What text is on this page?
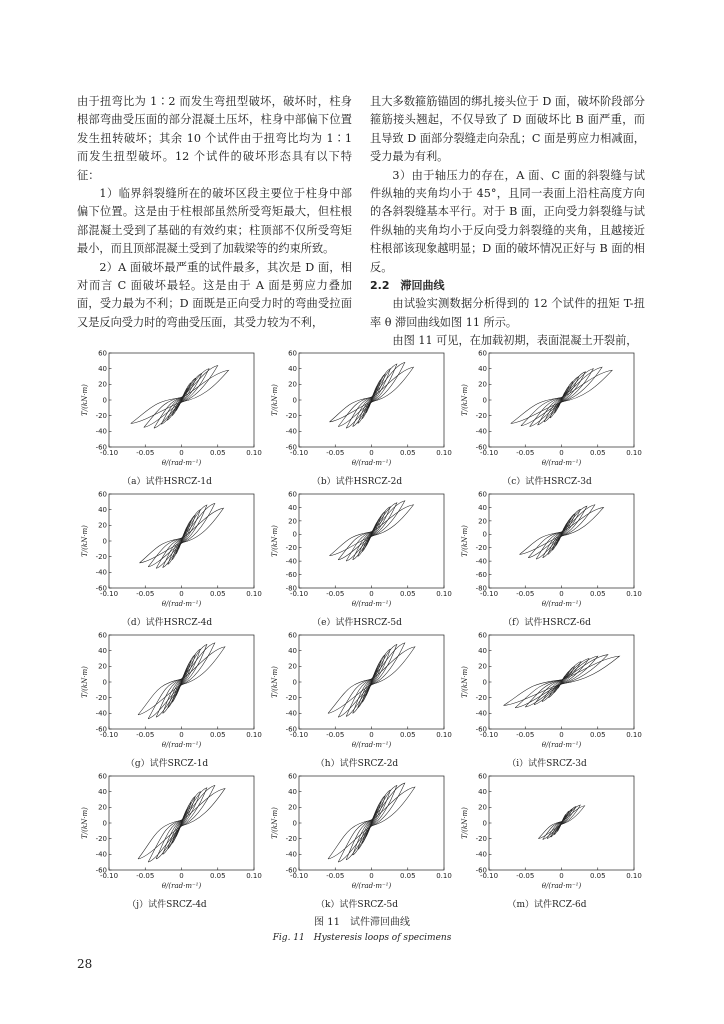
由于扭弯比为 1∶2 而发生弯扭型破坏，破坏时，柱身根部弯曲受压面的部分混凝土压坏，柱身中部偏下位置发生扭转破坏；其余 10 个试件由于扭弯比均为 1∶1 而发生扭型破坏。12 个试件的破坏形态具有以下特征：

1）临界斜裂缝所在的破坏区段主要位于柱身中部偏下位置。这是由于柱根部虽然所受弯矩最大，但柱根部混凝土受到了基础的有效约束；柱顶部不仅所受弯矩最小，而且顶部混凝土受到了加载梁等的约束所致。

2）A 面破坏最严重的试件最多，其次是 D 面，相对而言 C 面破坏最轻。这是由于 A 面是剪应力叠加面，受力最为不利；D 面既是正向受力时的弯曲受拉面又是反向受力时的弯曲受压面，其受力较为不利，

且大多数箍筋锚固的绑扎接头位于 D 面，破坏阶段部分箍筋接头翘起，不仅导致了 D 面破坏比 B 面严重，而且导致 D 面部分裂缝走向杂乱；C 面是剪应力相减面，受力最为有利。

3）由于轴压力的存在，A 面、C 面的斜裂缝与试件纵轴的夹角均小于 45°，且同一表面上沿柱高度方向的各斜裂缝基本平行。对于 B 面，正向受力斜裂缝与试件纵轴的夹角均小于反向受力斜裂缝的夹角，且越接近柱根部该现象越明显；D 面的破坏情况正好与 B 面的相反。

2.2　滞回曲线

由试验实测数据分析得到的 12 个试件的扭矩 T-扭率 θ 滞回曲线如图 11 所示。

由图 11 可见，在加载初期，表面混凝土开裂前，

60
40
20
0
-20
-40
-60
-0.10	-0.05	0	0.05	0.10
θ/(rad·m⁻¹)
T/(kN·m)
（a）试件HSRCZ-1d
60
40
20
0
-20
-40
-60
-0.10	-0.05	0	0.05	0.10
θ/(rad·m⁻¹)
T/(kN·m)
（b）试件HSRCZ-2d
60
40
20
0
-20
-40
-60
-0.10	-0.05	0	0.05	0.10
θ/(rad·m⁻¹)
T/(kN·m)
（c）试件HSRCZ-3d
60
40
20
0
-20
-40
-60
-0.10	-0.05	0	0.05	0.10
θ/(rad·m⁻¹)
T/(kN·m)
（d）试件HSRCZ-4d
60
40
20
0
-20
-40
-60
-80
-0.10	-0.05	0	0.05	0.10
θ/(rad·m⁻¹)
T/(kN·m)
（e）试件HSRCZ-5d
60
40
20
0
-20
-40
-60
-80
-0.10	-0.05	0	0.05	0.10
θ/(rad·m⁻¹)
T/(kN·m)
（f）试件HSRCZ-6d
60
40
20
0
-20
-40
-60
-0.10	-0.05	0	0.05	0.10
θ/(rad·m⁻¹)
T/(kN·m)
（g）试件SRCZ-1d
60
40
20
0
-20
-40
-60
-0.10	-0.05	0	0.05	0.10
θ/(rad·m⁻¹)
T/(kN·m)
（h）试件SRCZ-2d
60
40
20
0
-20
-40
-60
-0.10	-0.05	0	0.05	0.10
θ/(rad·m⁻¹)
T/(kN·m)
（i）试件SRCZ-3d
60
40
20
0
-20
-40
-60
-0.10	-0.05	0	0.05	0.10
θ/(rad·m⁻¹)
T/(kN·m)
（j）试件SRCZ-4d
60
40
20
0
-20
-40
-60
-0.10	-0.05	0	0.05	0.10
θ/(rad·m⁻¹)
T/(kN·m)
（k）试件SRCZ-5d
60
40
20
0
-20
-40
-60
-0.10	-0.05	0	0.05	0.10
θ/(rad·m⁻¹)
T/(kN·m)
（m）试件RCZ-6d
图 11　试件滞回曲线
Fig. 11　Hysteresis loops of specimens
28
